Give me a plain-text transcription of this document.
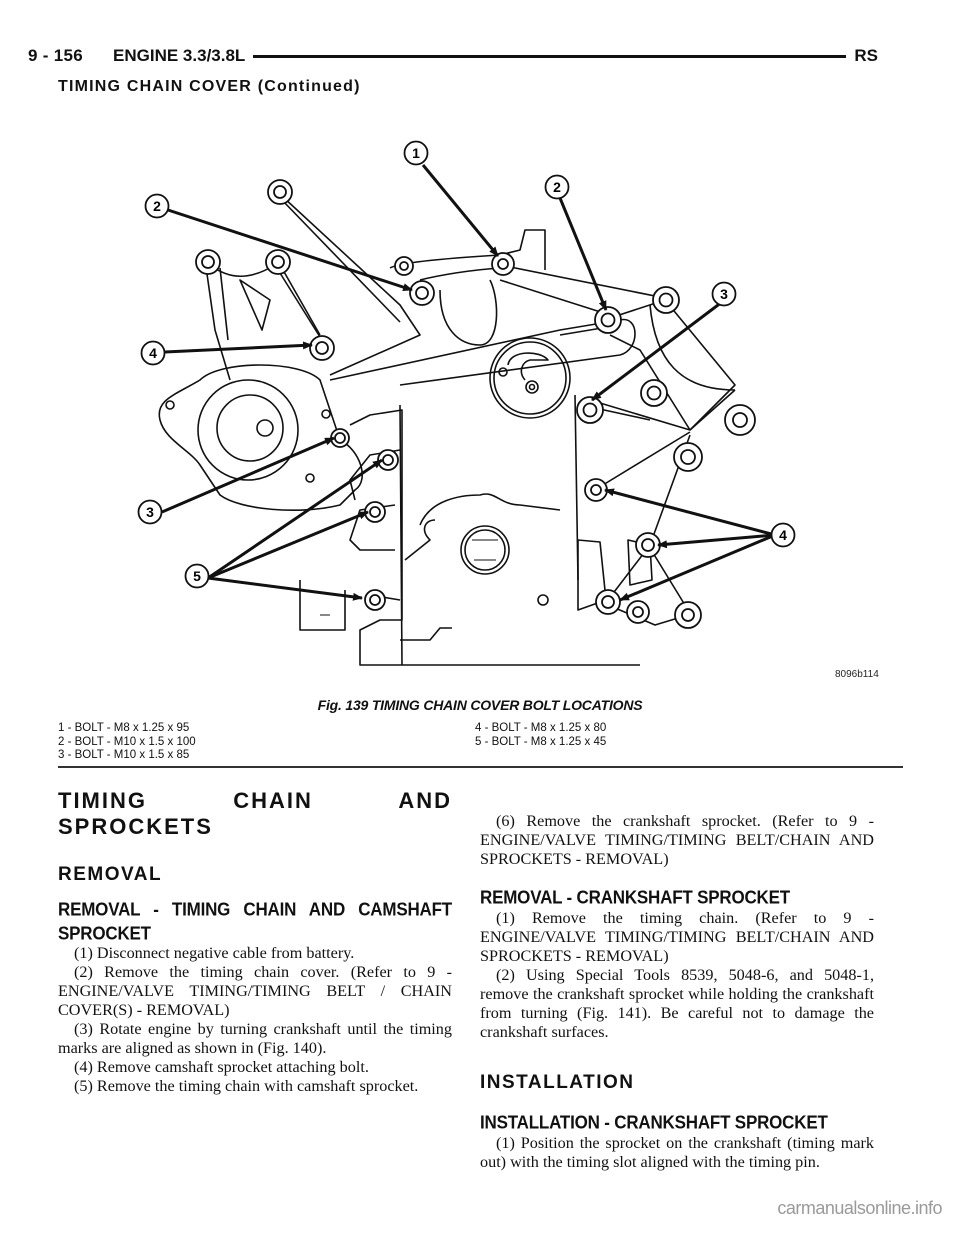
9 - 156 ENGINE 3.3/3.8L	RS
TIMING CHAIN COVER (Continued)
1
2
2
3
3
4
4
5
8096b114
Fig. 139 TIMING CHAIN COVER BOLT LOCATIONS
1 - BOLT - M8 x 1.25 x 95
2 - BOLT - M10 x 1.5 x 100
3 - BOLT - M10 x 1.5 x 85
4 - BOLT - M8 x 1.25 x 80
5 - BOLT - M8 x 1.25 x 45
TIMING CHAIN AND SPROCKETS
REMOVAL
REMOVAL - TIMING CHAIN AND CAMSHAFT SPROCKET

(1) Disconnect negative cable from battery.

(2) Remove the timing chain cover. (Refer to 9 - ENGINE/VALVE TIMING/TIMING BELT / CHAIN COVER(S) - REMOVAL)

(3) Rotate engine by turning crankshaft until the timing marks are aligned as shown in (Fig. 140).

(4) Remove camshaft sprocket attaching bolt.

(5) Remove the timing chain with camshaft sprocket.

(6) Remove the crankshaft sprocket. (Refer to 9 - ENGINE/VALVE TIMING/TIMING BELT/CHAIN AND SPROCKETS - REMOVAL)

REMOVAL - CRANKSHAFT SPROCKET

(1) Remove the timing chain. (Refer to 9 - ENGINE/VALVE TIMING/TIMING BELT/CHAIN AND SPROCKETS - REMOVAL)

(2) Using Special Tools 8539, 5048-6, and 5048-1, remove the crankshaft sprocket while holding the crankshaft from turning (Fig. 141). Be careful not to damage the crankshaft surfaces.

INSTALLATION
INSTALLATION - CRANKSHAFT SPROCKET

(1) Position the sprocket on the crankshaft (timing mark out) with the timing slot aligned with the timing pin.

carmanualsonline.info
